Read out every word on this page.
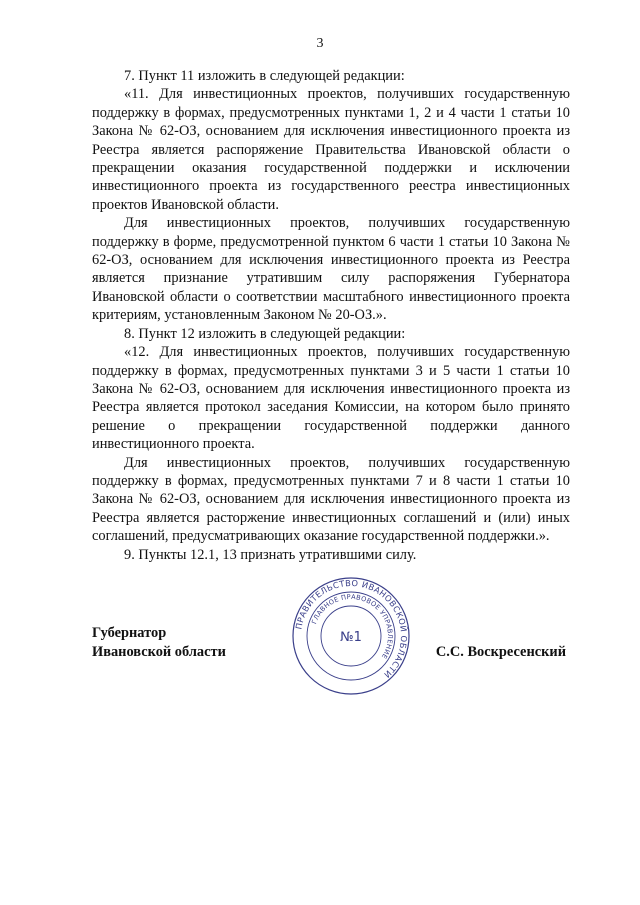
3

7. Пункт 11 изложить в следующей редакции:

«11. Для инвестиционных проектов, получивших государственную поддержку в формах, предусмотренных пунктами 1, 2 и 4 части 1 статьи 10 Закона № 62-ОЗ, основанием для исключения инвестиционного проекта из Реестра является распоряжение Правительства Ивановской области о прекращении оказания государственной поддержки и исключении инвестиционного проекта из государственного реестра инвестиционных проектов Ивановской области.

Для инвестиционных проектов, получивших государственную поддержку в форме, предусмотренной пунктом 6 части 1 статьи 10 Закона № 62-ОЗ, основанием для исключения инвестиционного проекта из Реестра является признание утратившим силу распоряжения Губернатора Ивановской области о соответствии масштабного инвестиционного проекта критериям, установленным Законом № 20-ОЗ.».

8. Пункт 12 изложить в следующей редакции:

«12. Для инвестиционных проектов, получивших государственную поддержку в формах, предусмотренных пунктами 3 и 5 части 1 статьи 10 Закона № 62-ОЗ, основанием для исключения инвестиционного проекта из Реестра является протокол заседания Комиссии, на котором было принято решение о прекращении государственной поддержки данного инвестиционного проекта.

Для инвестиционных проектов, получивших государственную поддержку в формах, предусмотренных пунктами 7 и 8 части 1 статьи 10 Закона № 62-ОЗ, основанием для исключения инвестиционного проекта из Реестра является расторжение инвестиционных соглашений и (или) иных соглашений, предусматривающих оказание государственной поддержки.».

9. Пункты 12.1, 13 признать утратившими силу.

Губернатор
Ивановской области	С.С. Воскресенский
ПРАВИТЕЛЬСТВО ИВАНОВСКОЙ ОБЛАСТИ
ГЛАВНОЕ ПРАВОВОЕ УПРАВЛЕНИЕ
№1
